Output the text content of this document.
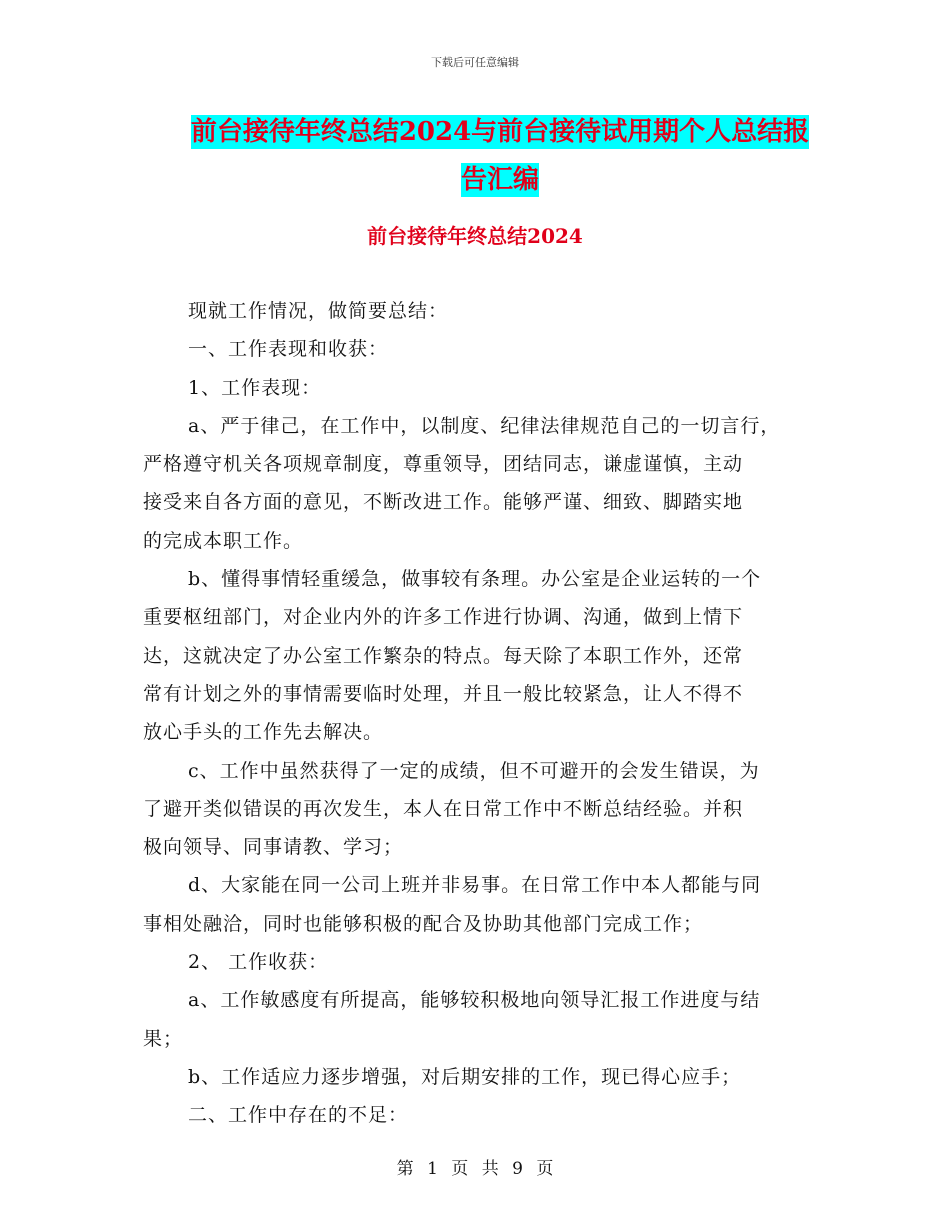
下载后可任意编辑
前台接待年终总结2024与前台接待试用期个人总结报
告汇编
前台接待年终总结2024

现就工作情况，做简要总结：

一、工作表现和收获：

1、工作表现：

a、严于律己，在工作中，以制度、纪律法律规范自己的一切言行，
严格遵守机关各项规章制度，尊重领导，团结同志，谦虚谨慎，主动
接受来自各方面的意见，不断改进工作。能够严谨、细致、脚踏实地
的完成本职工作。

b、懂得事情轻重缓急，做事较有条理。办公室是企业运转的一个
重要枢纽部门，对企业内外的许多工作进行协调、沟通，做到上情下
达，这就决定了办公室工作繁杂的特点。每天除了本职工作外，还常
常有计划之外的事情需要临时处理，并且一般比较紧急，让人不得不
放心手头的工作先去解决。

c、工作中虽然获得了一定的成绩，但不可避开的会发生错误，为
了避开类似错误的再次发生，本人在日常工作中不断总结经验。并积
极向领导、同事请教、学习；

d、大家能在同一公司上班并非易事。在日常工作中本人都能与同
事相处融洽，同时也能够积极的配合及协助其他部门完成工作；

2、 工作收获：

a、工作敏感度有所提高，能够较积极地向领导汇报工作进度与结
果；

b、工作适应力逐步增强，对后期安排的工作，现已得心应手；

二、工作中存在的不足：

第 1 页 共 9 页
